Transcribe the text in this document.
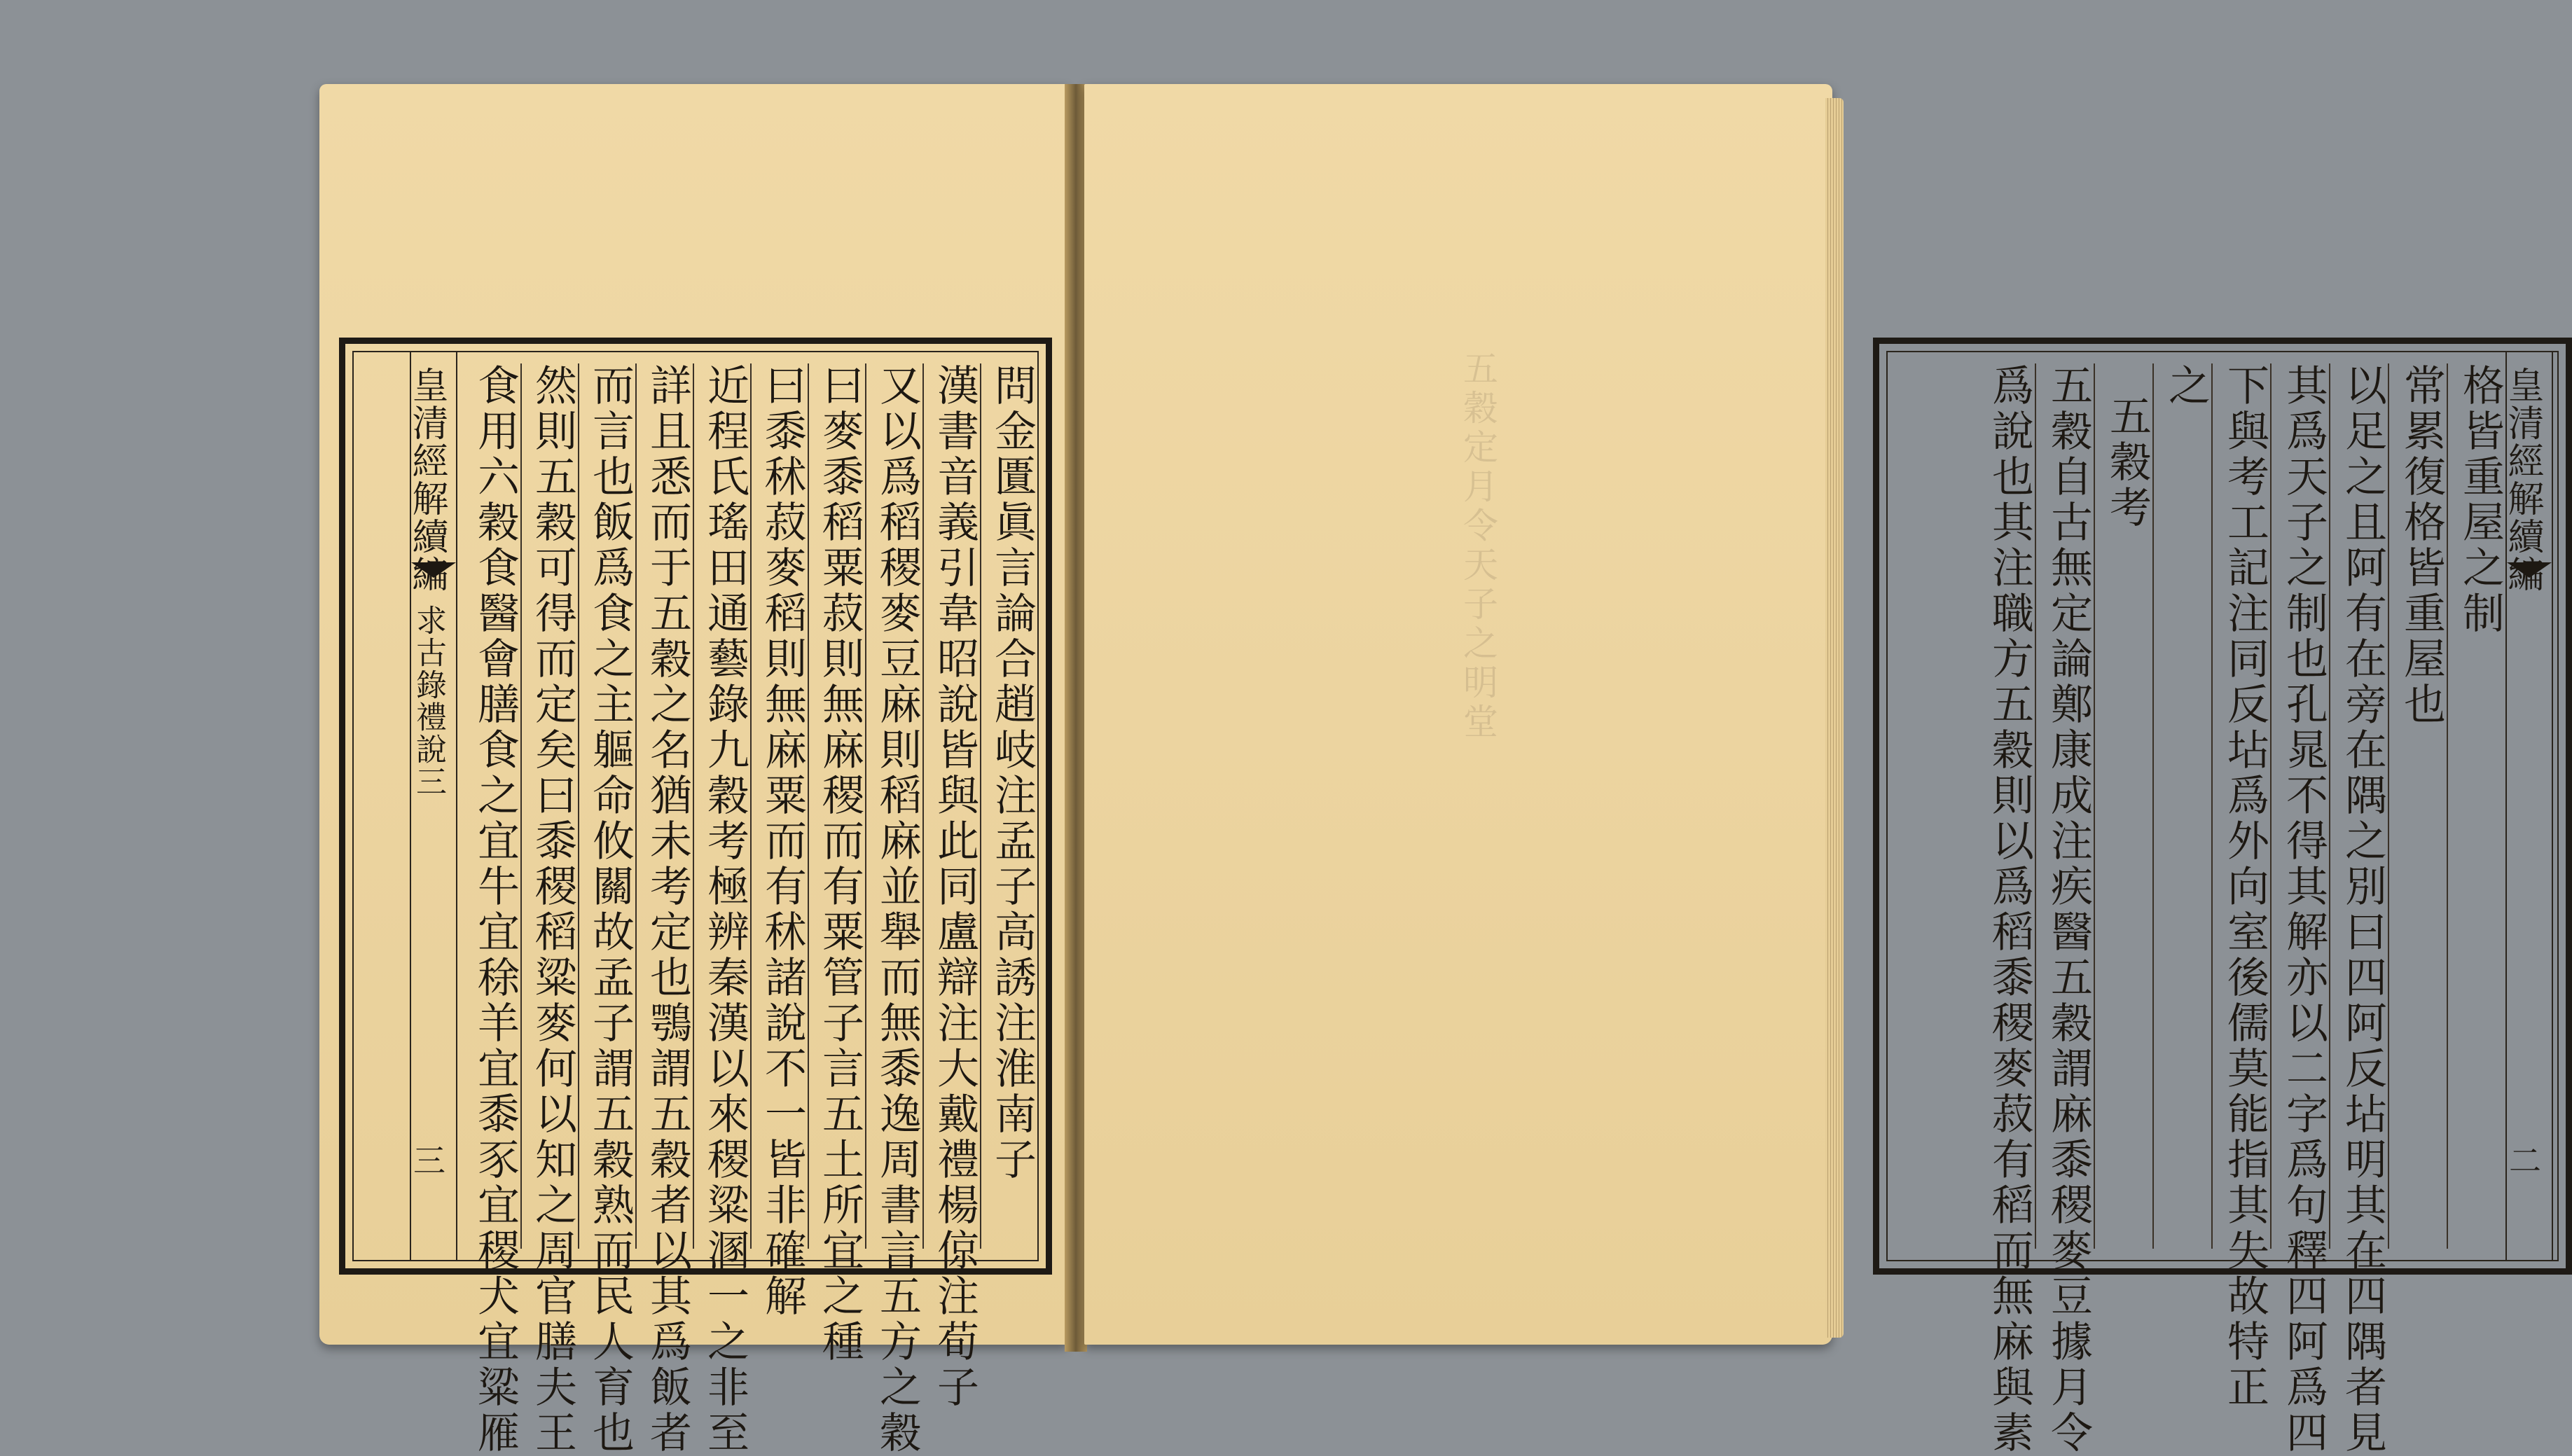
問金匱眞言論合趙岐注孟子高誘注淮南子
漢書音義引韋昭說皆與此同盧辯注大戴禮楊倞注荀子
又以爲稻稷麥豆麻則稻麻並舉而無黍逸周書言五方之穀
曰麥黍稻粟菽則無麻稷而有粟管子言五土所宜之種
曰黍秫菽麥稻則無麻粟而有秫諸說不一皆非確解
近程氏瑤田通藝錄九穀考極辨秦漢以來稷粱溷一之非至
詳且悉而于五穀之名猶未考定也鶚謂五穀者以其爲飯者
而言也飯爲食之主軀命攸關故孟子謂五穀熟而民人育也
然則五穀可得而定矣曰黍稷稻粱麥何以知之周官膳夫王
食用六穀食醫會膳食之宜牛宜稌羊宜黍豕宜稷犬宜粱雁
皇清經解續編
求古錄禮說三
三
皇清經解續編
二
格皆重屋之制
常累復格皆重屋也
以足之且阿有在旁在隅之別曰四阿反坫明其在四隅者見
其爲天子之制也孔晁不得其解亦以二字爲句釋四阿爲四
下與考工記注同反坫爲外向室後儒莫能指其失故特正
之
五穀考
五穀自古無定論鄭康成注疾醫五穀謂麻黍稷麥豆據月令
爲說也其注職方五穀則以爲稻黍稷麥菽有稻而無麻與素
五穀定月令天子之明堂
